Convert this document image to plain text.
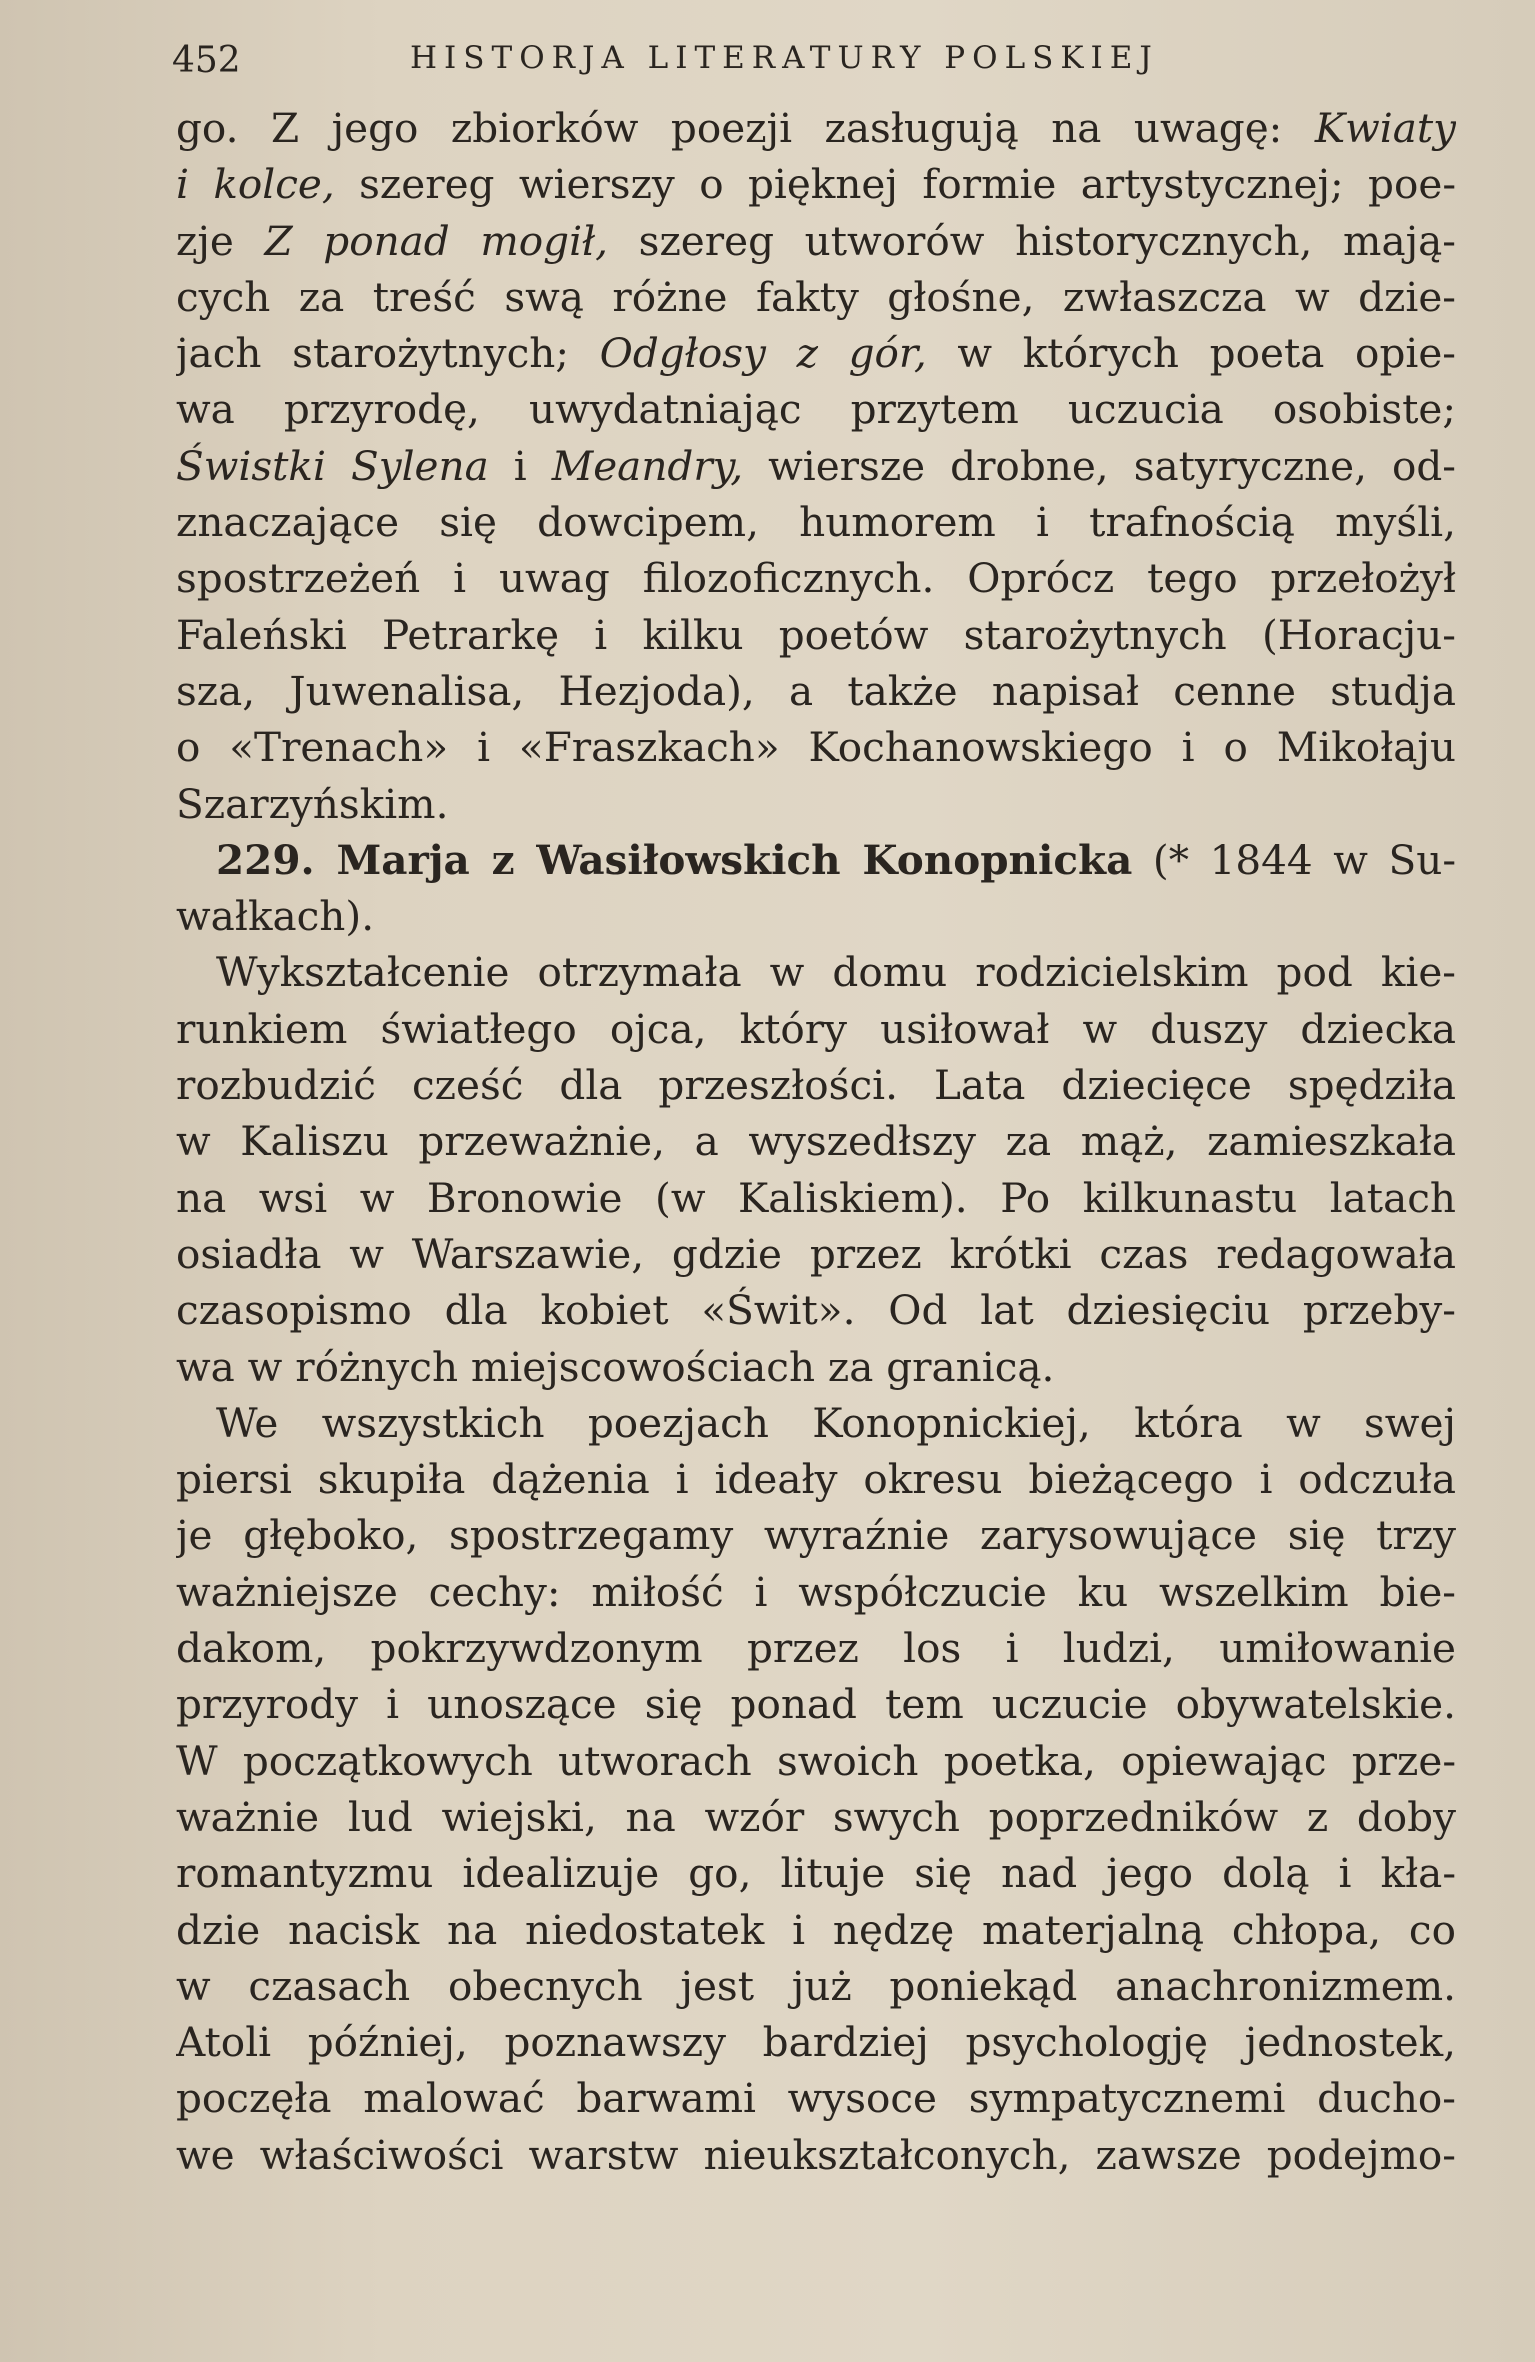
452	HISTORJA LITERATURY POLSKIEJ
go. Z jego zbiorków poezji zasługują na uwagę: Kwiaty
i kolce, szereg wierszy o pięknej formie artystycznej; poe-
zje Z ponad mogił, szereg utworów historycznych, mają-
cych za treść swą różne fakty głośne, zwłaszcza w dzie-
jach starożytnych; Odgłosy z gór, w których poeta opie-
wa przyrodę, uwydatniając przytem uczucia osobiste;
Świstki Sylena i Meandry, wiersze drobne, satyryczne, od-
znaczające się dowcipem, humorem i trafnością myśli,
spostrzeżeń i uwag filozoficznych. Oprócz tego przełożył
Faleński Petrarkę i kilku poetów starożytnych (Horacju-
sza, Juwenalisa, Hezjoda), a także napisał cenne studja
o «Trenach» i «Fraszkach» Kochanowskiego i o Mikołaju
Szarzyńskim.
229. Marja z Wasiłowskich Konopnicka (* 1844 w Su-
wałkach).
Wykształcenie otrzymała w domu rodzicielskim pod kie-
runkiem światłego ojca, który usiłował w duszy dziecka
rozbudzić cześć dla przeszłości. Lata dziecięce spędziła
w Kaliszu przeważnie, a wyszedłszy za mąż, zamieszkała
na wsi w Bronowie (w Kaliskiem). Po kilkunastu latach
osiadła w Warszawie, gdzie przez krótki czas redagowała
czasopismo dla kobiet «Świt». Od lat dziesięciu przeby-
wa w różnych miejscowościach za granicą.
We wszystkich poezjach Konopnickiej, która w swej
piersi skupiła dążenia i ideały okresu bieżącego i odczuła
je głęboko, spostrzegamy wyraźnie zarysowujące się trzy
ważniejsze cechy: miłość i współczucie ku wszelkim bie-
dakom, pokrzywdzonym przez los i ludzi, umiłowanie
przyrody i unoszące się ponad tem uczucie obywatelskie.
W początkowych utworach swoich poetka, opiewając prze-
ważnie lud wiejski, na wzór swych poprzedników z doby
romantyzmu idealizuje go, lituje się nad jego dolą i kła-
dzie nacisk na niedostatek i nędzę materjalną chłopa, co
w czasach obecnych jest już poniekąd anachronizmem.
Atoli później, poznawszy bardziej psychologję jednostek,
poczęła malować barwami wysoce sympatycznemi ducho-
we właściwości warstw nieukształconych, zawsze podejmo-
